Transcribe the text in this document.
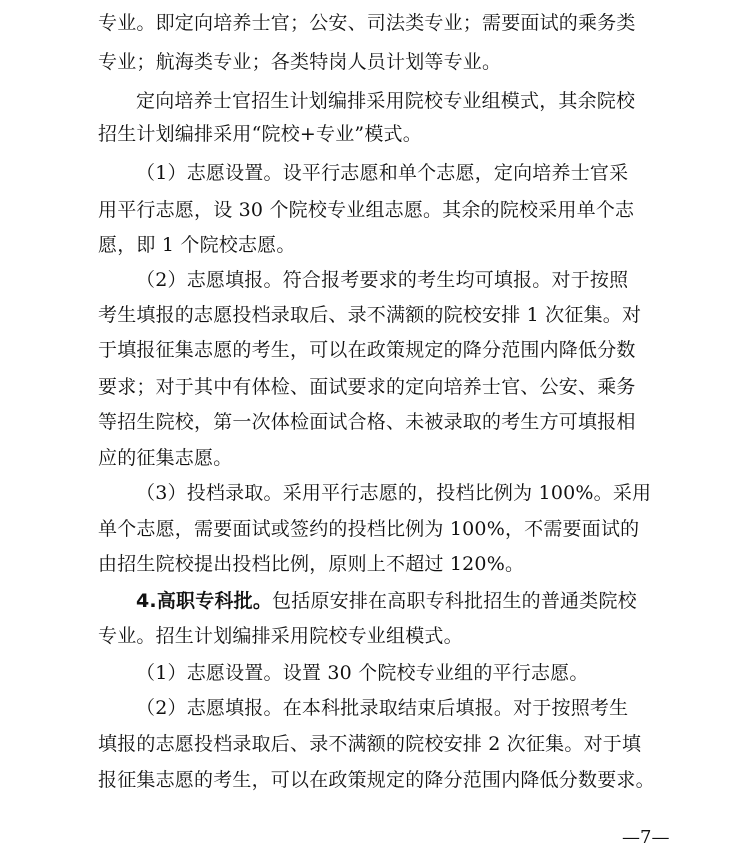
专业。即定向培养士官；公安、司法类专业；需要面试的乘务类
专业；航海类专业；各类特岗人员计划等专业。
定向培养士官招生计划编排采用院校专业组模式，其余院校
招生计划编排采用“院校+专业”模式。
（1）志愿设置。设平行志愿和单个志愿，定向培养士官采
用平行志愿，设 30 个院校专业组志愿。其余的院校采用单个志
愿，即 1 个院校志愿。
（2）志愿填报。符合报考要求的考生均可填报。对于按照
考生填报的志愿投档录取后、录不满额的院校安排 1 次征集。对
于填报征集志愿的考生，可以在政策规定的降分范围内降低分数
要求；对于其中有体检、面试要求的定向培养士官、公安、乘务
等招生院校，第一次体检面试合格、未被录取的考生方可填报相
应的征集志愿。
（3）投档录取。采用平行志愿的，投档比例为 100%。采用
单个志愿，需要面试或签约的投档比例为 100%，不需要面试的
由招生院校提出投档比例，原则上不超过 120%。
4.高职专科批。包括原安排在高职专科批招生的普通类院校
专业。招生计划编排采用院校专业组模式。
（1）志愿设置。设置 30 个院校专业组的平行志愿。
（2）志愿填报。在本科批录取结束后填报。对于按照考生
填报的志愿投档录取后、录不满额的院校安排 2 次征集。对于填
报征集志愿的考生，可以在政策规定的降分范围内降低分数要求。
—7—
